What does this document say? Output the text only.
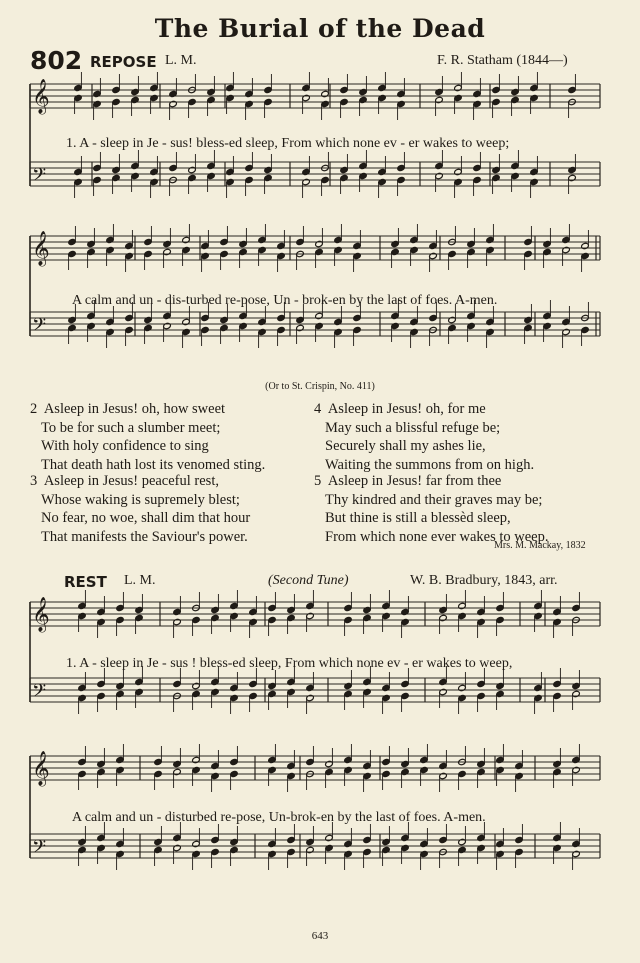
The Burial of the Dead
802 REPOSE L. M.	F. R. Statham (1844—)
𝄞
𝄢
𝄞
𝄢
𝄞
𝄢
𝄞
𝄢
1. A - sleep in Je - sus! bless-ed sleep, From which none ev - er wakes to weep;
A calm and un - dis-turbed re-pose, Un - brok-en by the last of foes. A-men.
(Or to St. Crispin, No. 411)
2 Asleep in Jesus! oh, how sweet
To be for such a slumber meet;
With holy confidence to sing
That death hath lost its venomed sting.
3 Asleep in Jesus! peaceful rest,
Whose waking is supremely blest;
No fear, no woe, shall dim that hour
That manifests the Saviour's power.
4 Asleep in Jesus! oh, for me
May such a blissful refuge be;
Securely shall my ashes lie,
Waiting the summons from on high.
5 Asleep in Jesus! far from thee
Thy kindred and their graves may be;
But thine is still a blessèd sleep,
From which none ever wakes to weep.
Mrs. M. Mackay, 1832
REST L. M.	(Second Tune)	W. B. Bradbury, 1843, arr.
1. A - sleep in Je - sus ! bless-ed sleep, From which none ev - er wakes to weep,
A calm and un - disturbed re-pose, Un-brok-en by the last of foes. A-men.
643
